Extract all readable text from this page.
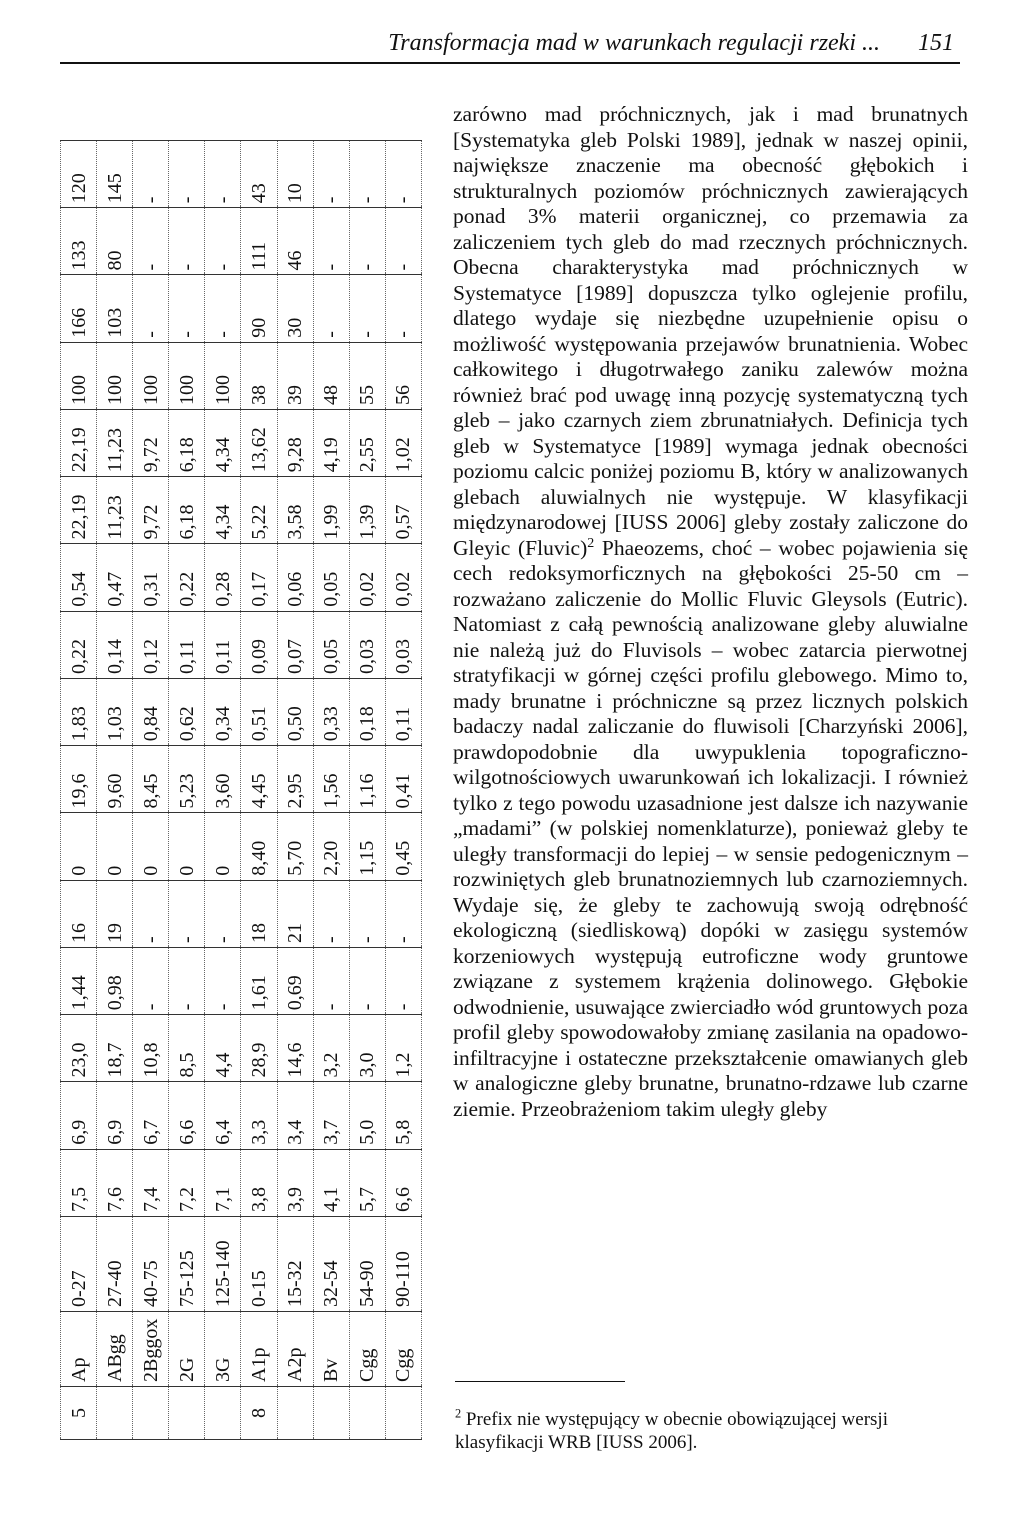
Transformacja mad w warunkach regulacji rzeki ... 151
5	Ap	0-27	7,5	6,9	23,0	1,44	16	0	19,6	1,83	0,22	0,54	22,19	22,19	100	166	133	120
	ABgg	27-40	7,6	6,9	18,7	0,98	19	0	9,60	1,03	0,14	0,47	11,23	11,23	100	103	80	145
	2Bggox	40-75	7,4	6,7	10,8	-	-	0	8,45	0,84	0,12	0,31	9,72	9,72	100	-	-	-
	2G	75-125	7,2	6,6	8,5	-	-	0	5,23	0,62	0,11	0,22	6,18	6,18	100	-	-	-
	3G	125-140	7,1	6,4	4,4	-	-	0	3,60	0,34	0,11	0,28	4,34	4,34	100	-	-	-
8	A1p	0-15	3,8	3,3	28,9	1,61	18	8,40	4,45	0,51	0,09	0,17	5,22	13,62	38	90	111	43
	A2p	15-32	3,9	3,4	14,6	0,69	21	5,70	2,95	0,50	0,07	0,06	3,58	9,28	39	30	46	10
	Bv	32-54	4,1	3,7	3,2	-	-	2,20	1,56	0,33	0,05	0,05	1,99	4,19	48	-	-	-
	Cgg	54-90	5,7	5,0	3,0	-	-	1,15	1,16	0,18	0,03	0,02	1,39	2,55	55	-	-	-
	Cgg	90-110	6,6	5,8	1,2	-	-	0,45	0,41	0,11	0,03	0,02	0,57	1,02	56	-	-	-
zarówno mad próchnicznych, jak i mad brunatnych [Systematyka gleb Polski 1989], jednak w naszej opinii, największe znaczenie ma obecność głębokich i strukturalnych poziomów próchnicznych zawierających ponad 3% materii organicznej, co przemawia za zaliczeniem tych gleb do mad rzecznych próchnicznych. Obecna charakterystyka mad próchnicznych w Systematyce [1989] dopuszcza tylko oglejenie profilu, dlatego wydaje się niezbędne uzupełnienie opisu o możliwość występowania przejawów brunatnienia. Wobec całkowitego i długotrwałego zaniku zalewów można również brać pod uwagę inną pozycję systematyczną tych gleb – jako czarnych ziem zbrunatniałych. Definicja tych gleb w Systematyce [1989] wymaga jednak obecności poziomu calcic poniżej poziomu B, który w analizowanych glebach aluwialnych nie występuje. W klasyfikacji międzynarodowej [IUSS 2006] gleby zostały zaliczone do Gleyic (Fluvic)$^2$ Phaeozems, choć – wobec pojawienia się cech redoksymorficznych na głębokości 25-50 cm – rozważano zaliczenie do Mollic Fluvic Gleysols (Eutric). Natomiast z całą pewnością analizowane gleby aluwialne nie należą już do Fluvisols – wobec zatarcia pierwotnej stratyfikacji w górnej części profilu glebowego. Mimo to, mady brunatne i próchniczne są przez licznych polskich badaczy nadal zaliczanie do fluwisoli [Charzyński 2006], prawdopodobnie dla uwypuklenia topograficzno-wilgotnościowych uwarunkowań ich lokalizacji. I również tylko z tego powodu uzasadnione jest dalsze ich nazywanie „madami” (w polskiej nomenklaturze), ponieważ gleby te uległy transformacji do lepiej – w sensie pedogenicznym – rozwiniętych gleb brunatnoziemnych lub czarnoziemnych. Wydaje się, że gleby te zachowują swoją odrębność ekologiczną (siedliskową) dopóki w zasięgu systemów korzeniowych występują eutroficzne wody gruntowe związane z systemem krążenia dolinowego. Głębokie odwodnienie, usuwające zwierciadło wód gruntowych poza profil gleby spowodowałoby zmianę zasilania na opadowo-infiltracyjne i ostateczne przekształcenie omawianych gleb w analogiczne gleby brunatne, brunatno-rdzawe lub czarne ziemie. Przeobrażeniom takim uległy gleby
$^2$ Prefix nie występujący w obecnie obowiązującej wersji klasyfikacji WRB [IUSS 2006].
